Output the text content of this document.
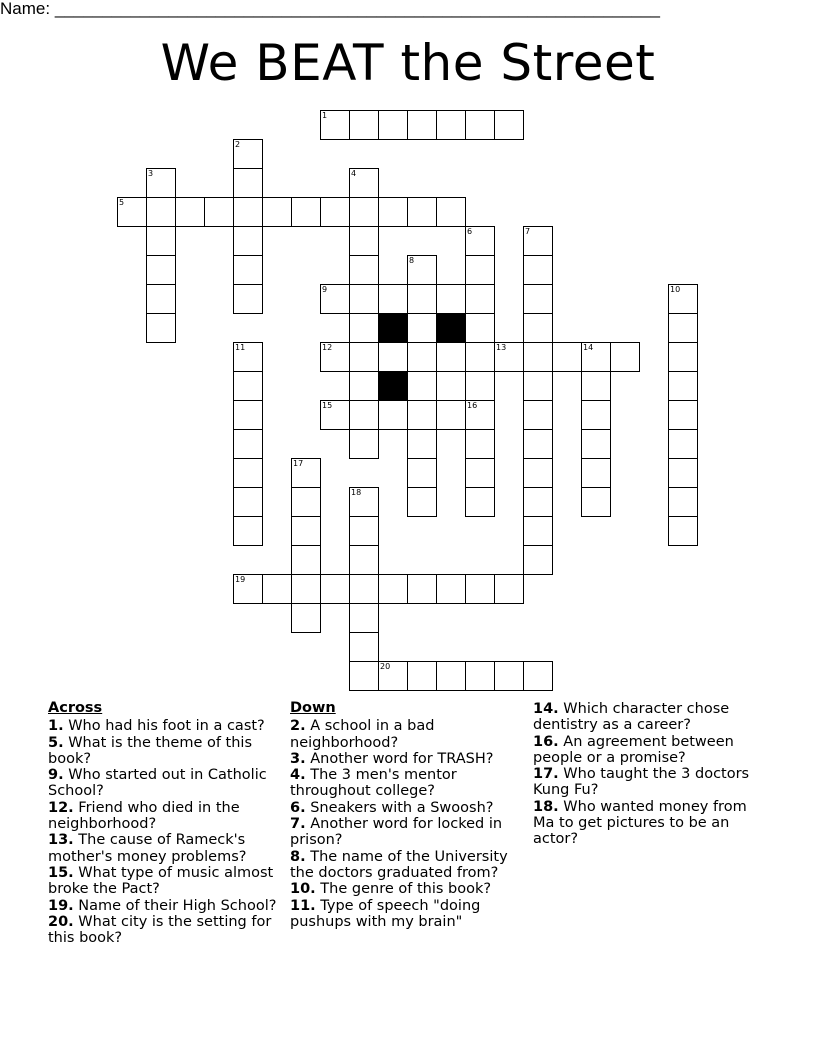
Name: ________________________________________________________________
We BEAT the Street
1
5
9
12	13	14
15	16
19
20
2
3	4
6	7
8
10
11
17
18
Across
1. Who had his foot in a cast?
5. What is the theme of this book?
9. Who started out in Catholic School?
12. Friend who died in the neighborhood?
13. The cause of Rameck's mother's money problems?
15. What type of music almost broke the Pact?
19. Name of their High School?
20. What city is the setting for this book?
Down
2. A school in a bad neighborhood?
3. Another word for TRASH?
4. The 3 men's mentor throughout college?
6. Sneakers with a Swoosh?
7. Another word for locked in prison?
8. The name of the University the doctors graduated from?
10. The genre of this book?
11. Type of speech "doing pushups with my brain"
14. Which character chose dentistry as a career?
16. An agreement between people or a promise?
17. Who taught the 3 doctors Kung Fu?
18. Who wanted money from Ma to get pictures to be an actor?
